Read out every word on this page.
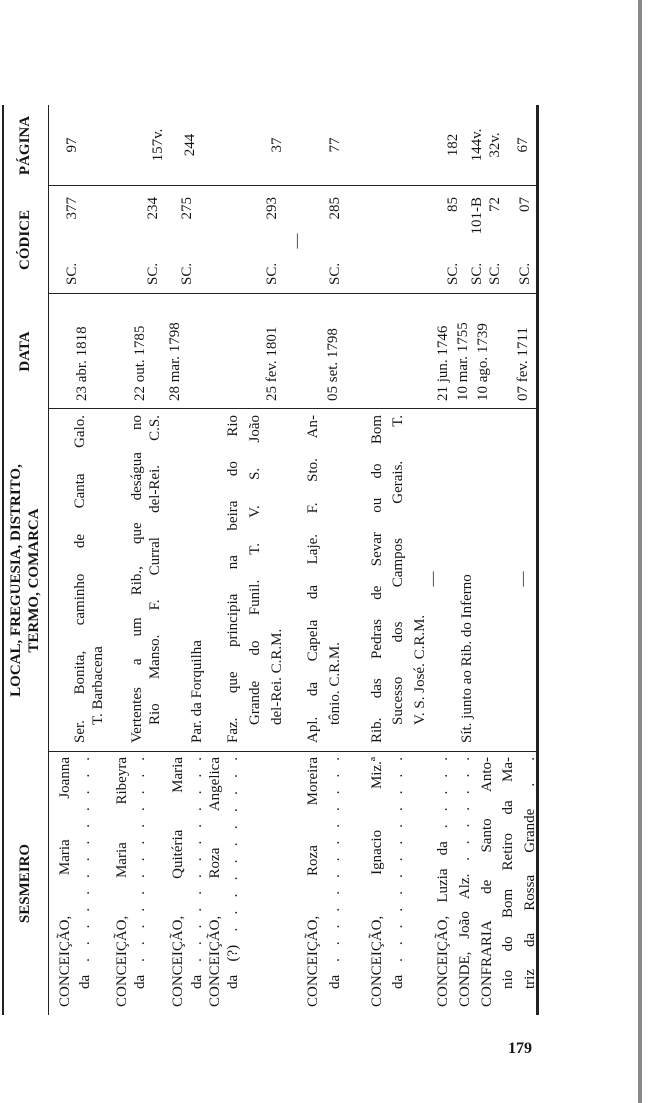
SESMEIRO
LOCAL, FREGUESIA, DISTRITO, TERMO, COMARCA
DATA
CÓDICE
PÁGINA
CONCEIÇÃO, Maria Joanna da . . . . . . . . . . . . .
Ser. Bonita, caminho de Canta Galo. T. Barbacena
23 abr. 1818
SC.
377
97
CONCEIÇÃO, Maria Ribeyra da . . . . . . . . . . . . .
Vertentes a um Rib., que deságua no Rio Manso. F. Curral del-Rei. C.S.
22 out. 1785
SC.
234
157v.
CONCEIÇÃO, Quitéria Maria da . . . . . . . . . . . . .
Par. da Forquilha
28 mar. 1798
SC.
275
244
CONCEIÇÃO, Roza Angelica da (?) . . . . . . . . . . .
Faz. que principia na beira do Rio Grande do Funil. T. V. S. João del-Rei. C.R.M.
25 fev. 1801
SC.
293
37
CONCEIÇÃO, Roza Moreira da . . . . . . . . . . . . .
Apl. da Capela da Laje. F. Sto. An- tônio. C.R.M.
05 set. 1798
—
SC.
285
77
CONCEIÇÃO, Ignacio Miz.ª da . . . . . . . . . . . . .
Rib. das Pedras de Sevar ou do Bom Sucesso dos Campos Gerais. T. V. S. José. C.R.M.
CONCEIÇÃO, Luzia da . . . . .
—
21 jun. 1746
SC.
85
182
CONDE, João Alz. . . . . . . .
Sít. junto ao Rib. do Inferno
10 mar. 1755
SC.
101-B
144v.
CONFRARIA de Santo Anto- nio do Bom Retiro da Ma- triz da Rossa Grande . .
—
10 ago. 1739 07 fev. 1711
SC.
72
SC.
07
32v. 67
179
